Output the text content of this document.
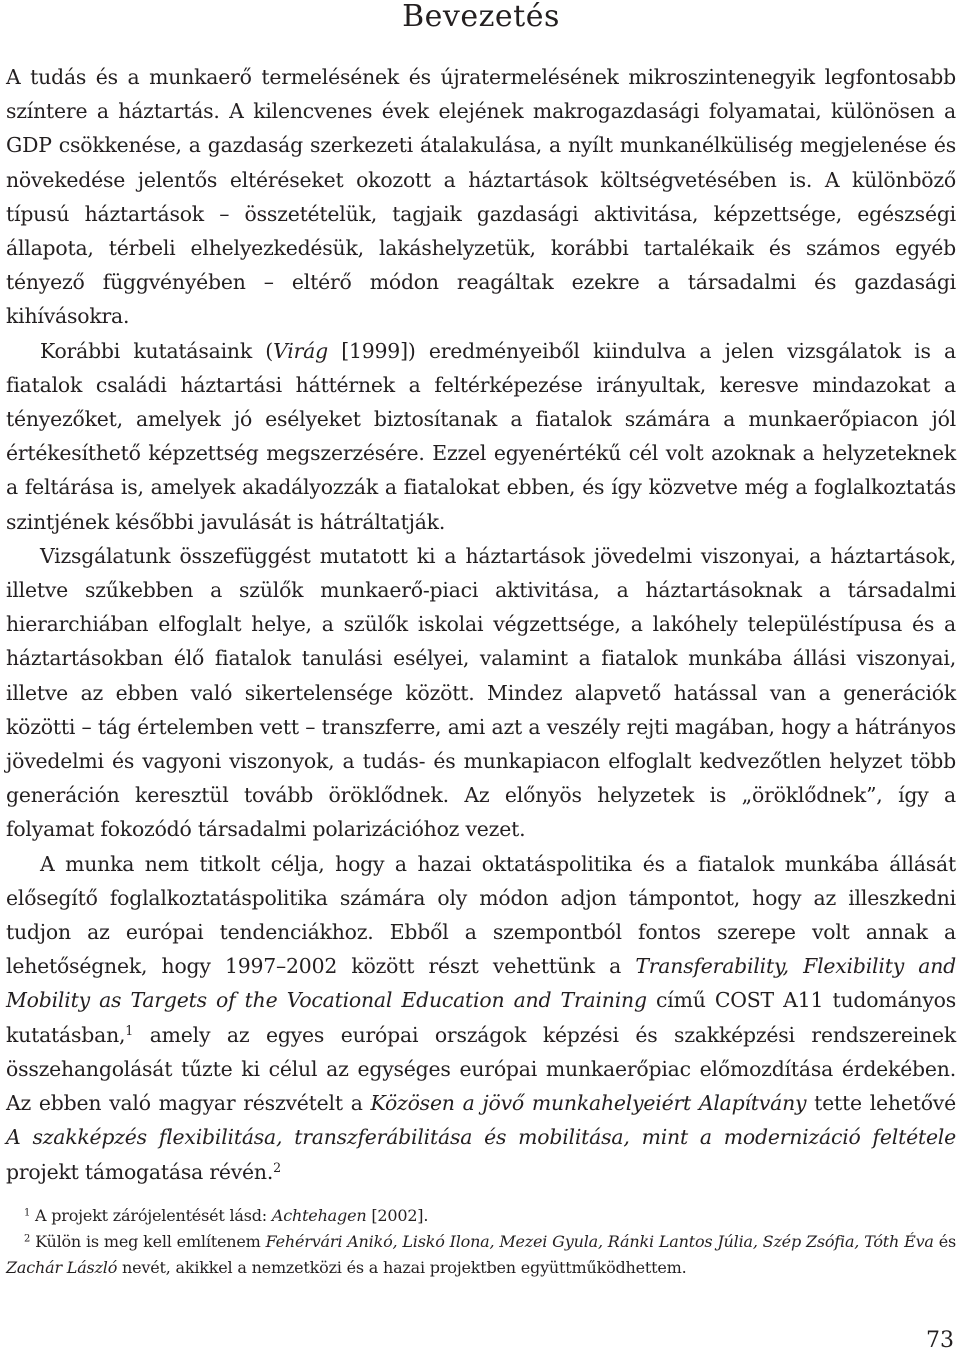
Bevezetés

A tudás és a munkaerő termelésének és újratermelésének mikroszintenegyik legfontosabb színtere a háztartás. A kilencvenes évek elejének makrogazdasági folyamatai, különösen a GDP csökkenése, a gazdaság szerkezeti átalakulása, a nyílt munkanélküliség megjelenése és növekedése jelentős eltéréseket okozott a háztartások költségvetésében is. A különböző típusú háztartások – összetételük, tagjaik gazdasági aktivitása, képzettsége, egészségi állapota, térbeli elhelyezkedésük, lakáshelyzetük, korábbi tartalékaik és számos egyéb tényező függvényében – eltérő módon reagáltak ezekre a társadalmi és gazdasági kihívásokra.

Korábbi kutatásaink (Virág [1999]) eredményeiből kiindulva a jelen vizsgálatok is a fiatalok családi háztartási háttérnek a feltérképezése irányultak, keresve mindazokat a tényezőket, amelyek jó esélyeket biztosítanak a fiatalok számára a munkaerőpiacon jól értékesíthető képzettség megszerzésére. Ezzel egyenértékű cél volt azoknak a helyzeteknek a feltárása is, amelyek akadályozzák a fiatalokat ebben, és így közvetve még a foglalkoztatás szintjének későbbi javulását is hátráltatják.

Vizsgálatunk összefüggést mutatott ki a háztartások jövedelmi viszonyai, a háztartások, illetve szűkebben a szülők munkaerő-piaci aktivitása, a háztartásoknak a társadalmi hierarchiában elfoglalt helye, a szülők iskolai végzettsége, a lakóhely településtípusa és a háztartásokban élő fiatalok tanulási esélyei, valamint a fiatalok munkába állási viszonyai, illetve az ebben való sikertelensége között. Mindez alapvető hatással van a generációk közötti – tág értelemben vett – transzferre, ami azt a veszély rejti magában, hogy a hátrányos jövedelmi és vagyoni viszonyok, a tudás- és munkapiacon elfoglalt kedvezőtlen helyzet több generáción keresztül tovább öröklődnek. Az előnyös helyzetek is „öröklődnek”, így a folyamat fokozódó társadalmi polarizációhoz vezet.

A munka nem titkolt célja, hogy a hazai oktatáspolitika és a fiatalok munkába állását elősegítő foglalkoztatáspolitika számára oly módon adjon támpontot, hogy az illeszkedni tudjon az európai tendenciákhoz. Ebből a szempontból fontos szerepe volt annak a lehetőségnek, hogy 1997–2002 között részt vehettünk a Transferability, Flexibility and Mobility as Targets of the Vocational Education and Training című COST A11 tudományos kutatásban,$^1$ amely az egyes európai országok képzési és szakképzési rendszereinek összehangolását tűzte ki célul az egységes európai munkaerőpiac előmozdítása érdekében. Az ebben való magyar részvételt a Közösen a jövő munkahelyeiért Alapítvány tette lehetővé A szakképzés flexibilitása, transzferábilitása és mobilitása, mint a modernizáció feltétele projekt támogatása révén.$^2$

$^1$ A projekt zárójelentését lásd: Achtehagen [2002].

$^2$ Külön is meg kell említenem Fehérvári Anikó, Liskó Ilona, Mezei Gyula, Ránki Lantos Júlia, Szép Zsófia, Tóth Éva és Zachár László nevét, akikkel a nemzetközi és a hazai projektben együttműködhettem.

73
